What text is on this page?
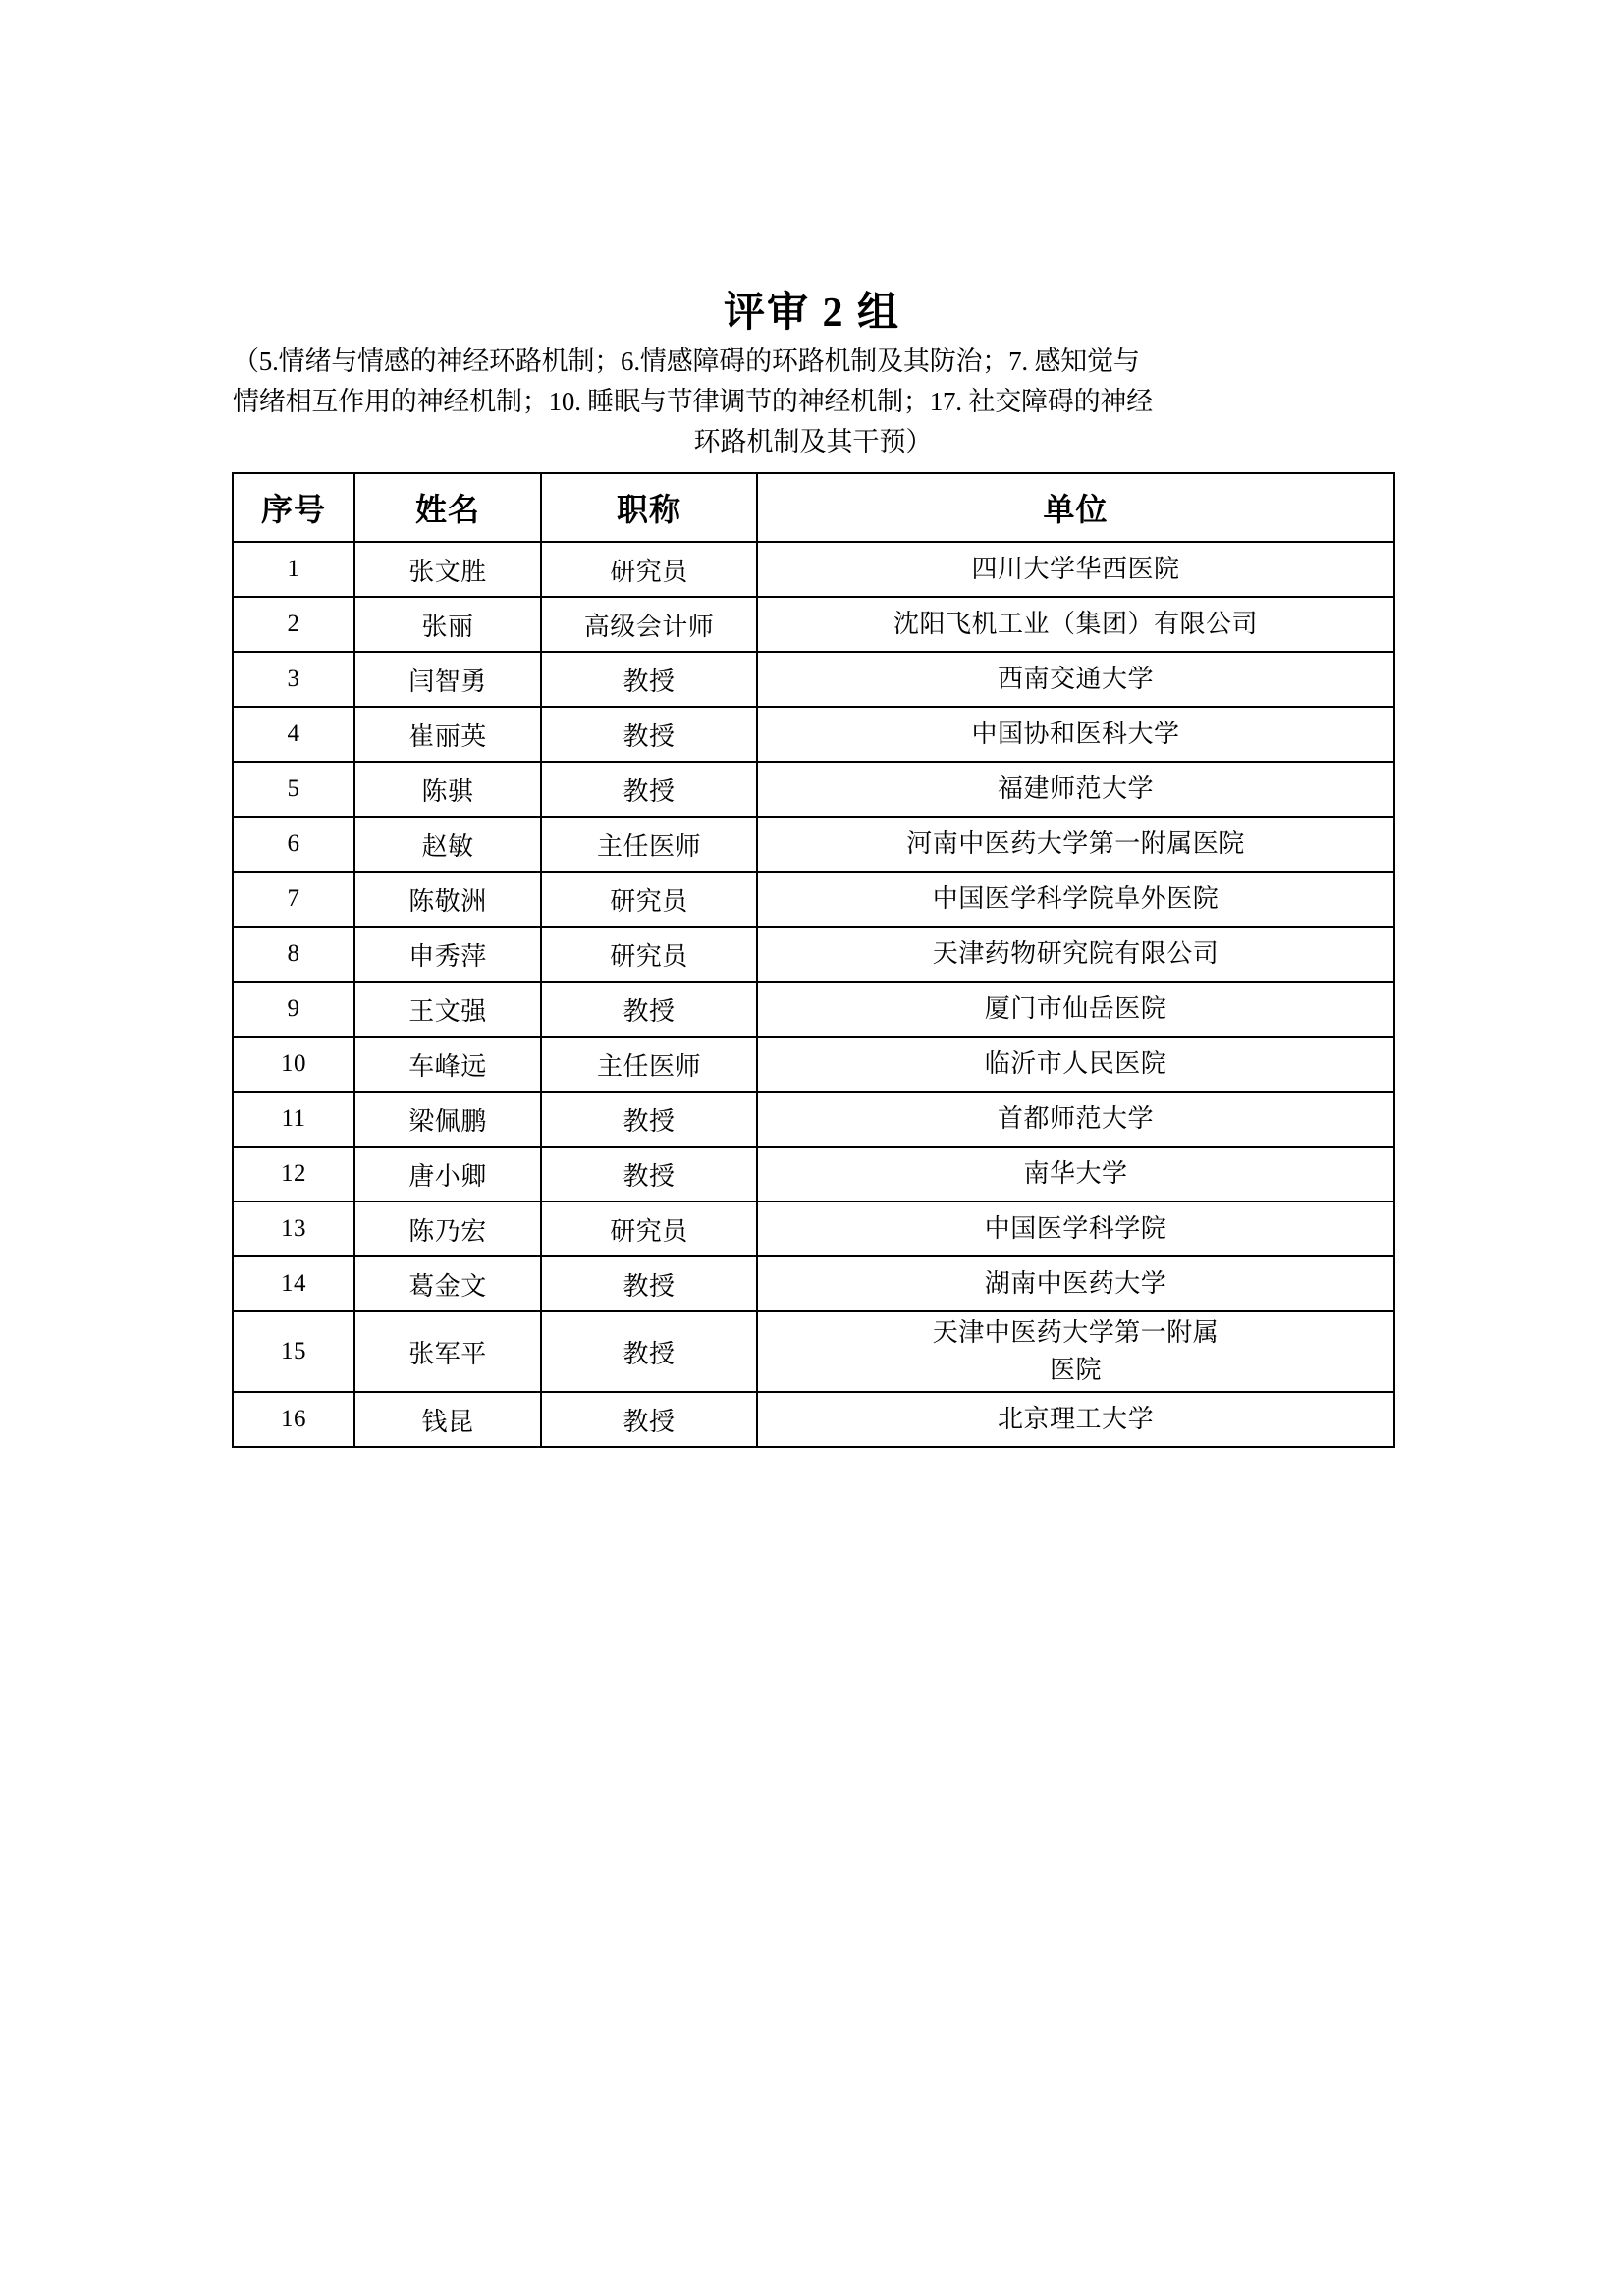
评审 2 组
（5.情绪与情感的神经环路机制；6.情感障碍的环路机制及其防治；7. 感知觉与
情绪相互作用的神经机制；10. 睡眠与节律调节的神经机制；17. 社交障碍的神经
环路机制及其干预）
序号	姓名	职称	单位
1	张文胜	研究员	四川大学华西医院

2	张丽	高级会计师	沈阳飞机工业（集团）有限公司

3	闫智勇	教授	西南交通大学

4	崔丽英	教授	中国协和医科大学

5	陈骐	教授	福建师范大学

6	赵敏	主任医师	河南中医药大学第一附属医院

7	陈敬洲	研究员	中国医学科学院阜外医院

8	申秀萍	研究员	天津药物研究院有限公司

9	王文强	教授	厦门市仙岳医院

10	车峰远	主任医师	临沂市人民医院

11	梁佩鹏	教授	首都师范大学

12	唐小卿	教授	南华大学

13	陈乃宏	研究员	中国医学科学院

14	葛金文	教授	湖南中医药大学

15	张军平	教授	天津中医药大学第一附属
医院

16	钱昆	教授	北京理工大学
